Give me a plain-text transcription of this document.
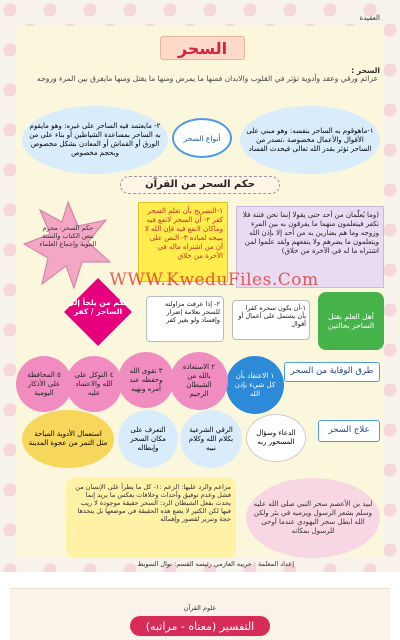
العقيدة
السحر
السحر :
عزائم ورقي وعقد وأدوية تؤثر في القلوب والابدان فمنها ما يمرض ومنها ما يقتل ومنها مايفرق بين المرء وزوجه
أنواع السحر
١-ماهوقوم به الساحر بنفسه: وهو مبني على الأقوال والأعمال مخصوصة ،تصدر من الساحر تؤثر بقدر الله تعالى فيحدث الفساد
٢- مايعتمد فيه الساحر على غيره: وهو مايقوم به الساحر بمساعدة الشياطين أو بناء على من الورق أو القماش أو المعادن بشكل مخصوص وبحجم مخصوص
حكم السحر من القرآن
(وما يُعلّمان من أحد حتى يقولا إنما نحن فتنة فلا تكفر فيتعلمون منهما ما يفرقون به بين المرء وزوجه وما هم بضارين به من أحد إلا بإذن الله ويتعلمون ما يضرهم ولا ينفعهم ولقد علموا لمن اشتراه ما له في الآخرة من خلاق)
١-التصريح بأن تعلم السحر كفر ٢- أن السحر لانفع فيه وماكان لانفع فيه فإن الله لا يبيحه لعباده ٣- النص على أن من اشتراه ماله في الأخرة من خلاق
حكم السحر: محرم بنص الكتاب والسنة النبوية وإجماع العلماء
حكم من يلجأ إلى الساحر / كفر
٢- إذا عرفت مزاولته للسحر بعلامة إضرار وإفساد ولو بغير كفر
١-أن يكون سحره كفرا بأن يشتمل على أعمال أو أقوال
أهل العلم بقتل الساحر بحالتين
WWW.KweduFiles.Com
طرق الوقاية من السحر
١ الاعتقاد بأن كل شيء بإذن الله
٢ الاستعاذة بالله من الشيطان الرجيم
٣ تقوى الله وحفظه عند أمره ونهيه
٤ التوكل على الله والاعتماد عليه
٥ المحافظة على الأذكار اليومية
علاج السحر
الدعاء وسؤال المسحور ربه
الرقي الشرعية بكلام الله وكلام نبيه
التعرف على مكان السحر وإبطاله
استعمال الأدوية المباحة مثل التمر من عجوة المدينة
مزاعم والرد عليها: الزعم :١- كل ما يطرأ على الإنسان من فشل وعدم توفيق وأحداث وخلافات يعكس ما يريد إنما يحدث بفعل الشيطان الرد: السحر حقيقة موجودة لا ريب فيها لكن الكثير لا يضع هذه الحقيقة في موضعها بل يتخذها حجة وتبرير لقصور وإهماله
لبيد بن الأعصم سحر النبي صلى الله عليه وسلم بشعر الرسول ويرميه في بئر ولكن الله ابطل سحر اليهودي عندما أوحى للرسول بمكانه
إعداد المعلمة : حريبه العازمي رئيسه القسم: نوال السويط
علوم القرآن
التفسير (معناه - مراتبه)
